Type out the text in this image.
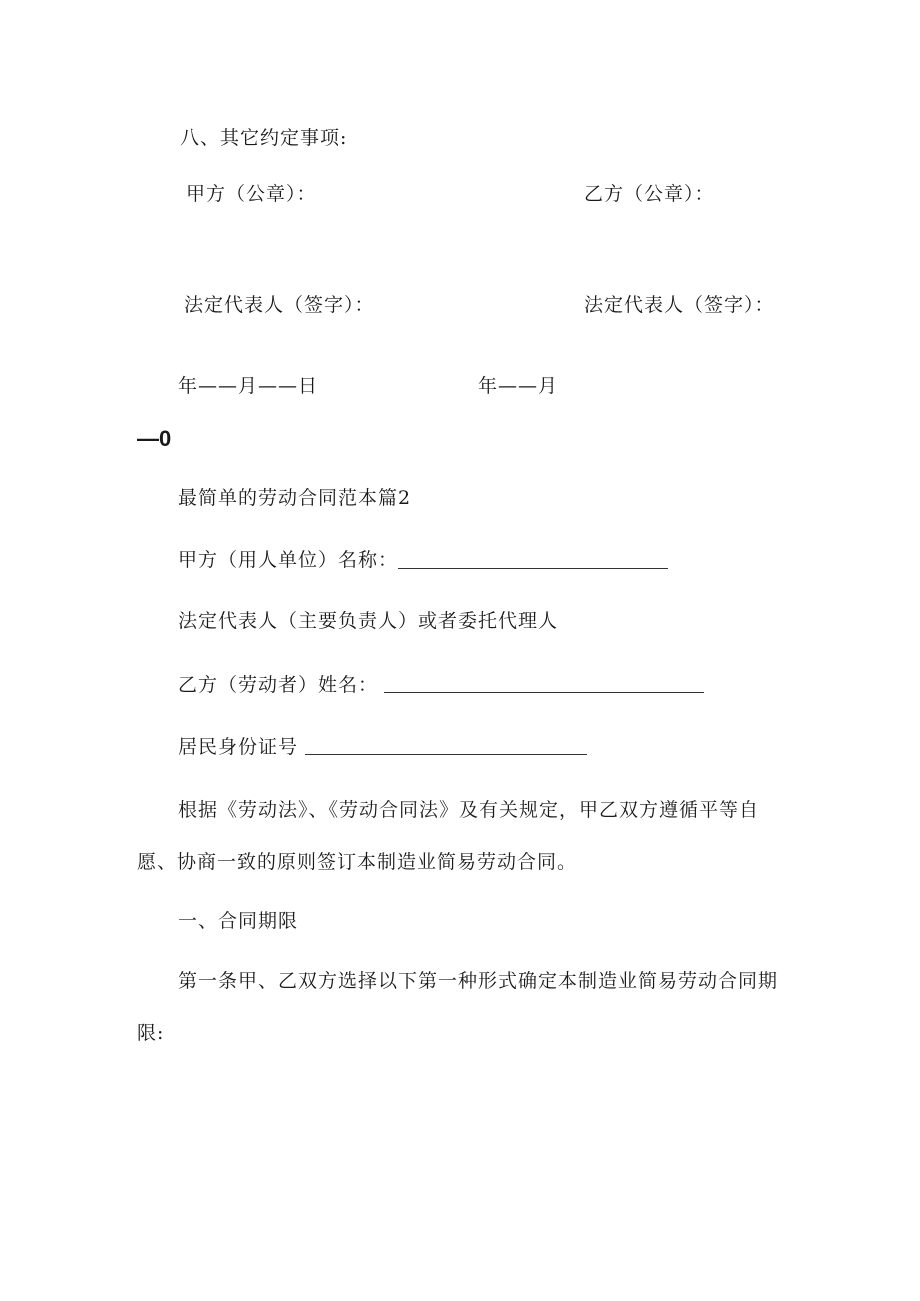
八、其它约定事项:
甲方（公章）：	乙方（公章）：
法定代表人（签字）：	法定代表人（签字）：
年——月——日	年——月
—0
最简单的劳动合同范本篇2
甲方（用人单位）名称：
法定代表人（主要负责人）或者委托代理人
乙方（劳动者）姓名：
居民身份证号
根据《劳动法》、《劳动合同法》及有关规定，甲乙双方遵循平等自
愿、协商一致的原则签订本制造业简易劳动合同。
一、合同期限
第一条甲、乙双方选择以下第一种形式确定本制造业简易劳动合同期
限:
